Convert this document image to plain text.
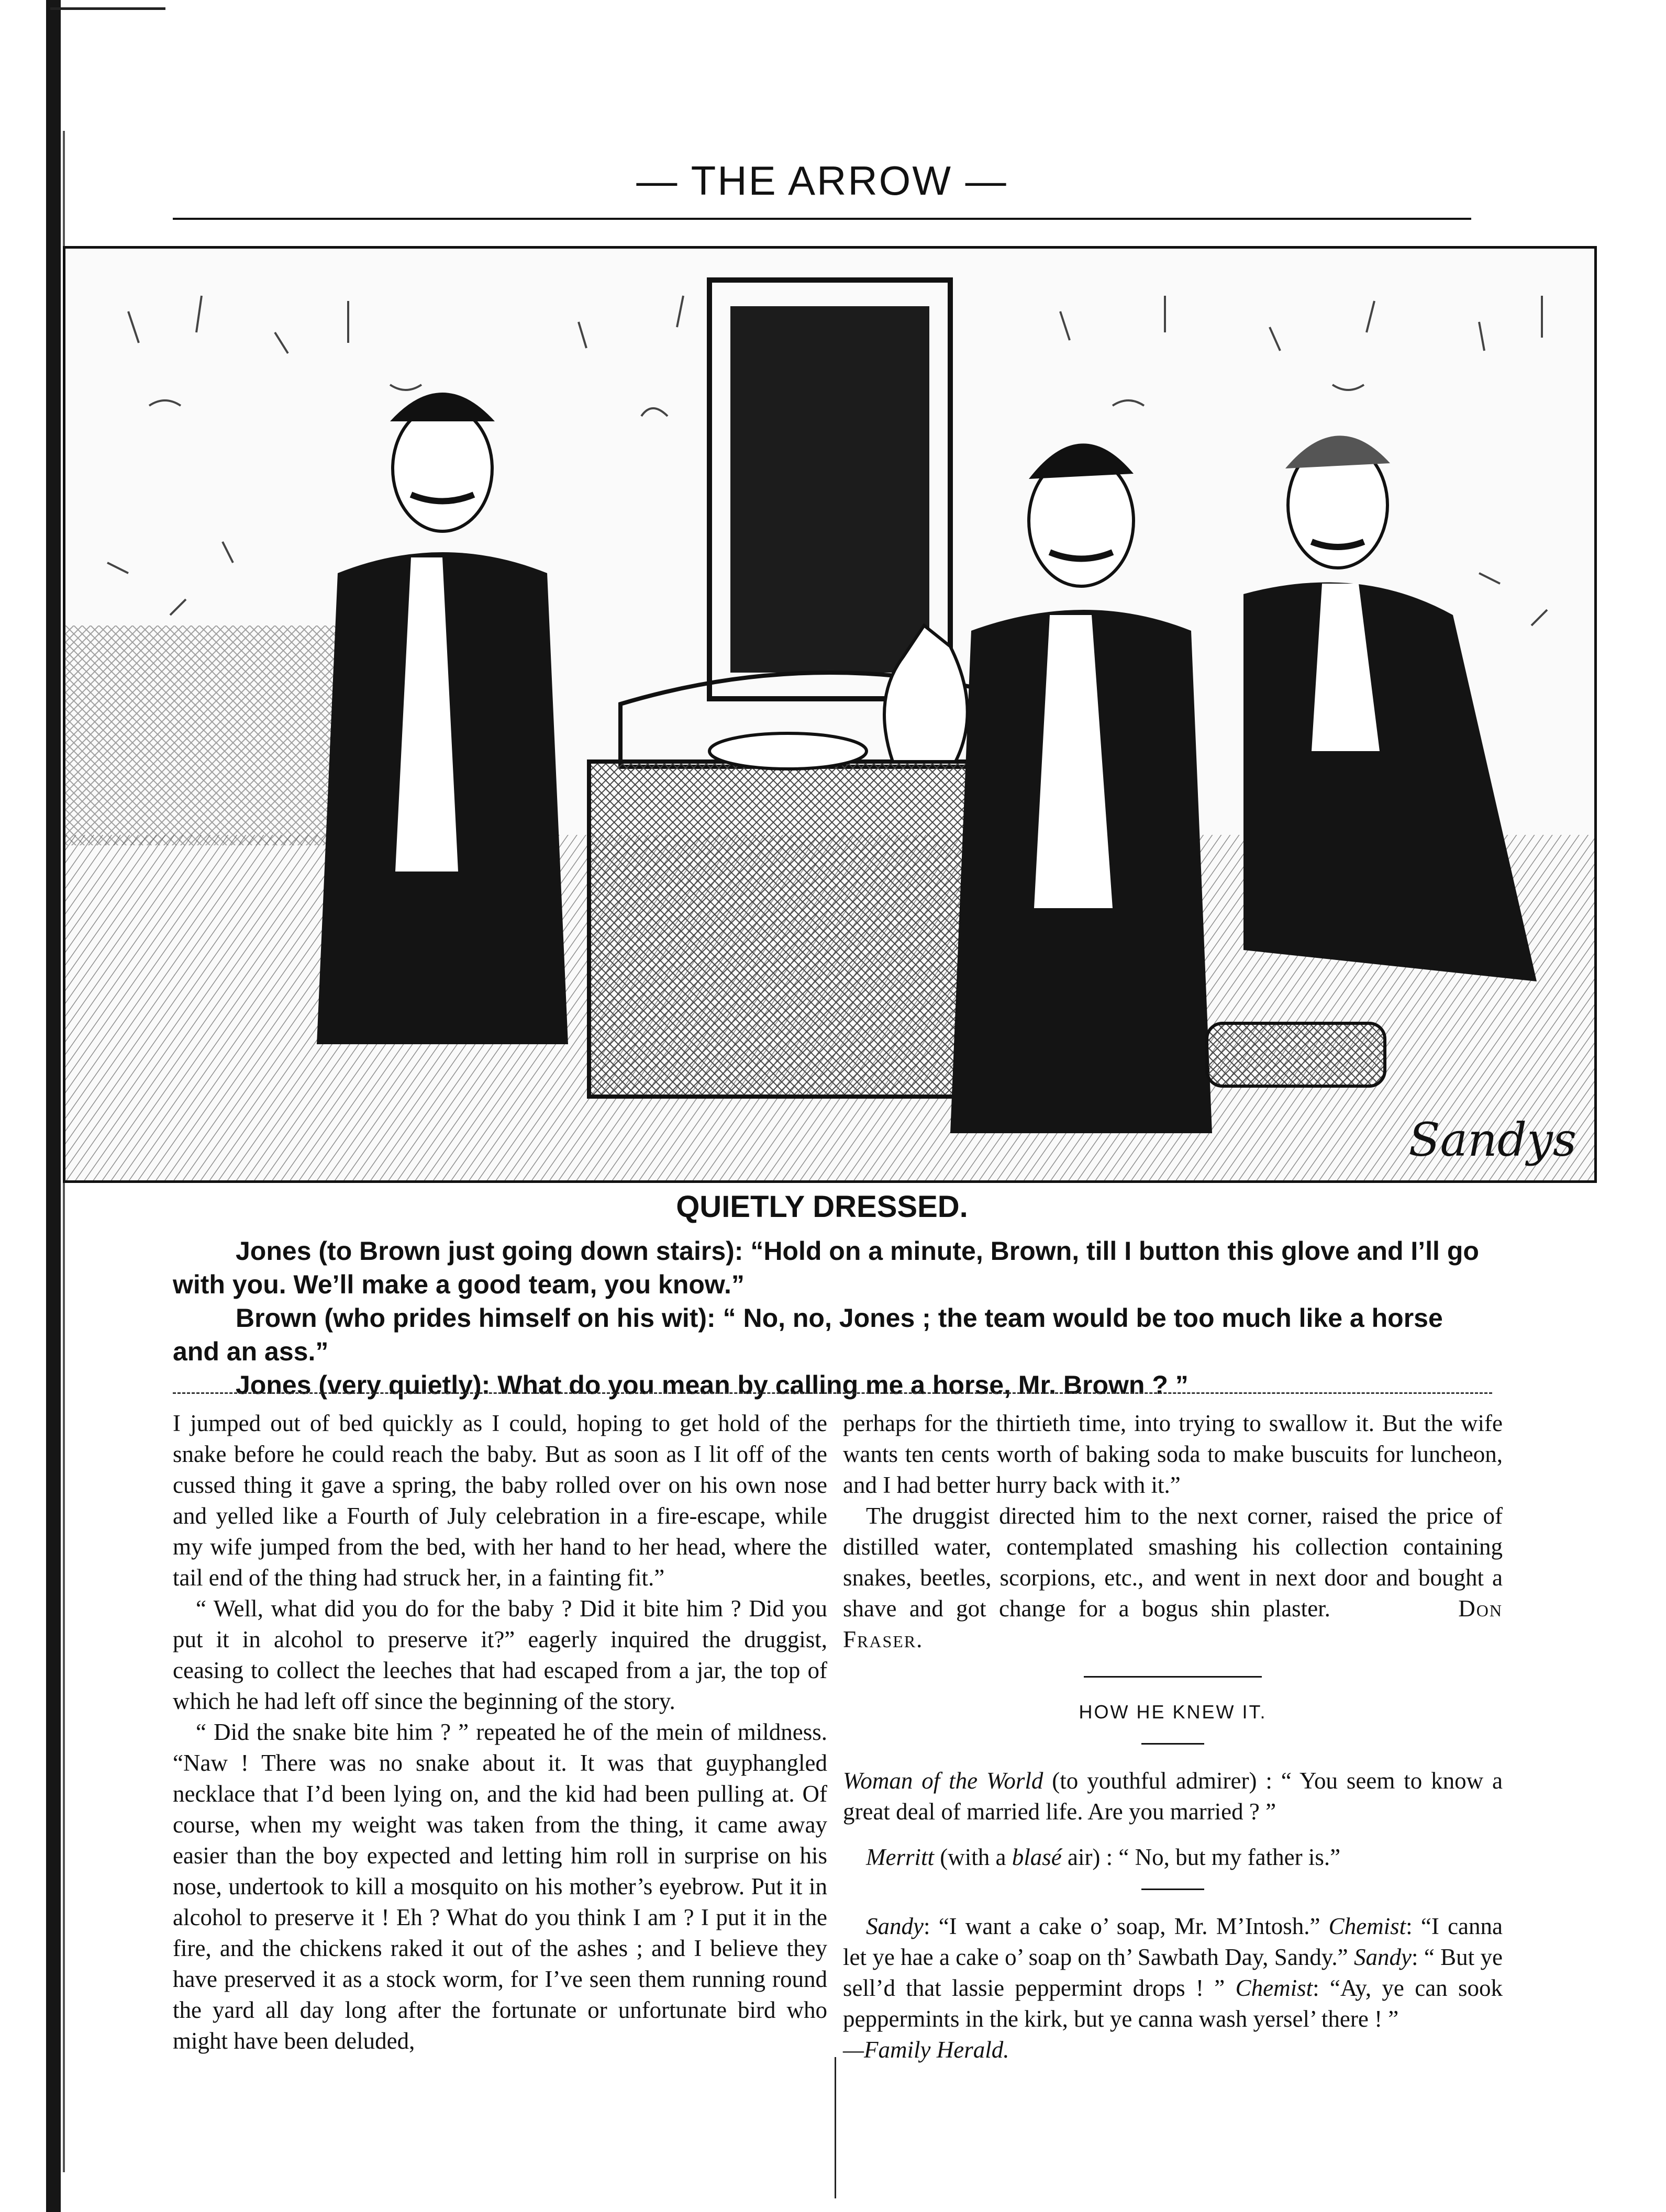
— THE ARROW —
Sandys
QUIETLY DRESSED.

Jones (to Brown just going down stairs): “Hold on a minute, Brown, till I button this glove and I’ll go with you. We’ll make a good team, you know.”

Brown (who prides himself on his wit): “ No, no, Jones ; the team would be too much like a horse and an ass.”

Jones (very quietly): What do you mean by calling me a horse, Mr. Brown ? ”

I jumped out of bed quickly as I could, hoping to get hold of the snake before he could reach the baby. But as soon as I lit off of the cussed thing it gave a spring, the baby rolled over on his own nose and yelled like a Fourth of July celebration in a fire-escape, while my wife jumped from the bed, with her hand to her head, where the tail end of the thing had struck her, in a fainting fit.”

“ Well, what did you do for the baby ? Did it bite him ? Did you put it in alcohol to preserve it?” eagerly inquired the druggist, ceasing to collect the leeches that had escaped from a jar, the top of which he had left off since the beginning of the story.

“ Did the snake bite him ? ” repeated he of the mein of mildness. “Naw ! There was no snake about it. It was that guyphangled necklace that I’d been lying on, and the kid had been pulling at. Of course, when my weight was taken from the thing, it came away easier than the boy expected and letting him roll in surprise on his nose, undertook to kill a mosquito on his mother’s eyebrow. Put it in alcohol to preserve it ! Eh ? What do you think I am ? I put it in the fire, and the chickens raked it out of the ashes ; and I believe they have preserved it as a stock worm, for I’ve seen them running round the yard all day long after the fortunate or unfortunate bird who might have been deluded,

perhaps for the thirtieth time, into trying to swallow it. But the wife wants ten cents worth of baking soda to make buscuits for luncheon, and I had better hurry back with it.”

The druggist directed him to the next corner, raised the price of distilled water, contemplated smashing his collection containing snakes, beetles, scorpions, etc., and went in next door and bought a shave and got change for a bogus shin plaster.	Don Fraser.

HOW HE KNEW IT.

Woman of the World (to youthful admirer) : “ You seem to know a great deal of married life. Are you married ? ”

Merritt (with a blasé air) : “ No, but my father is.”

Sandy: “I want a cake o’ soap, Mr. M’Intosh.” Chemist: “I canna let ye hae a cake o’ soap on th’ Sawbath Day, Sandy.” Sandy: “ But ye sell’d that lassie peppermint drops ! ” Chemist: “Ay, ye can sook peppermints in the kirk, but ye canna wash yersel’ there ! ”
—Family Herald.
